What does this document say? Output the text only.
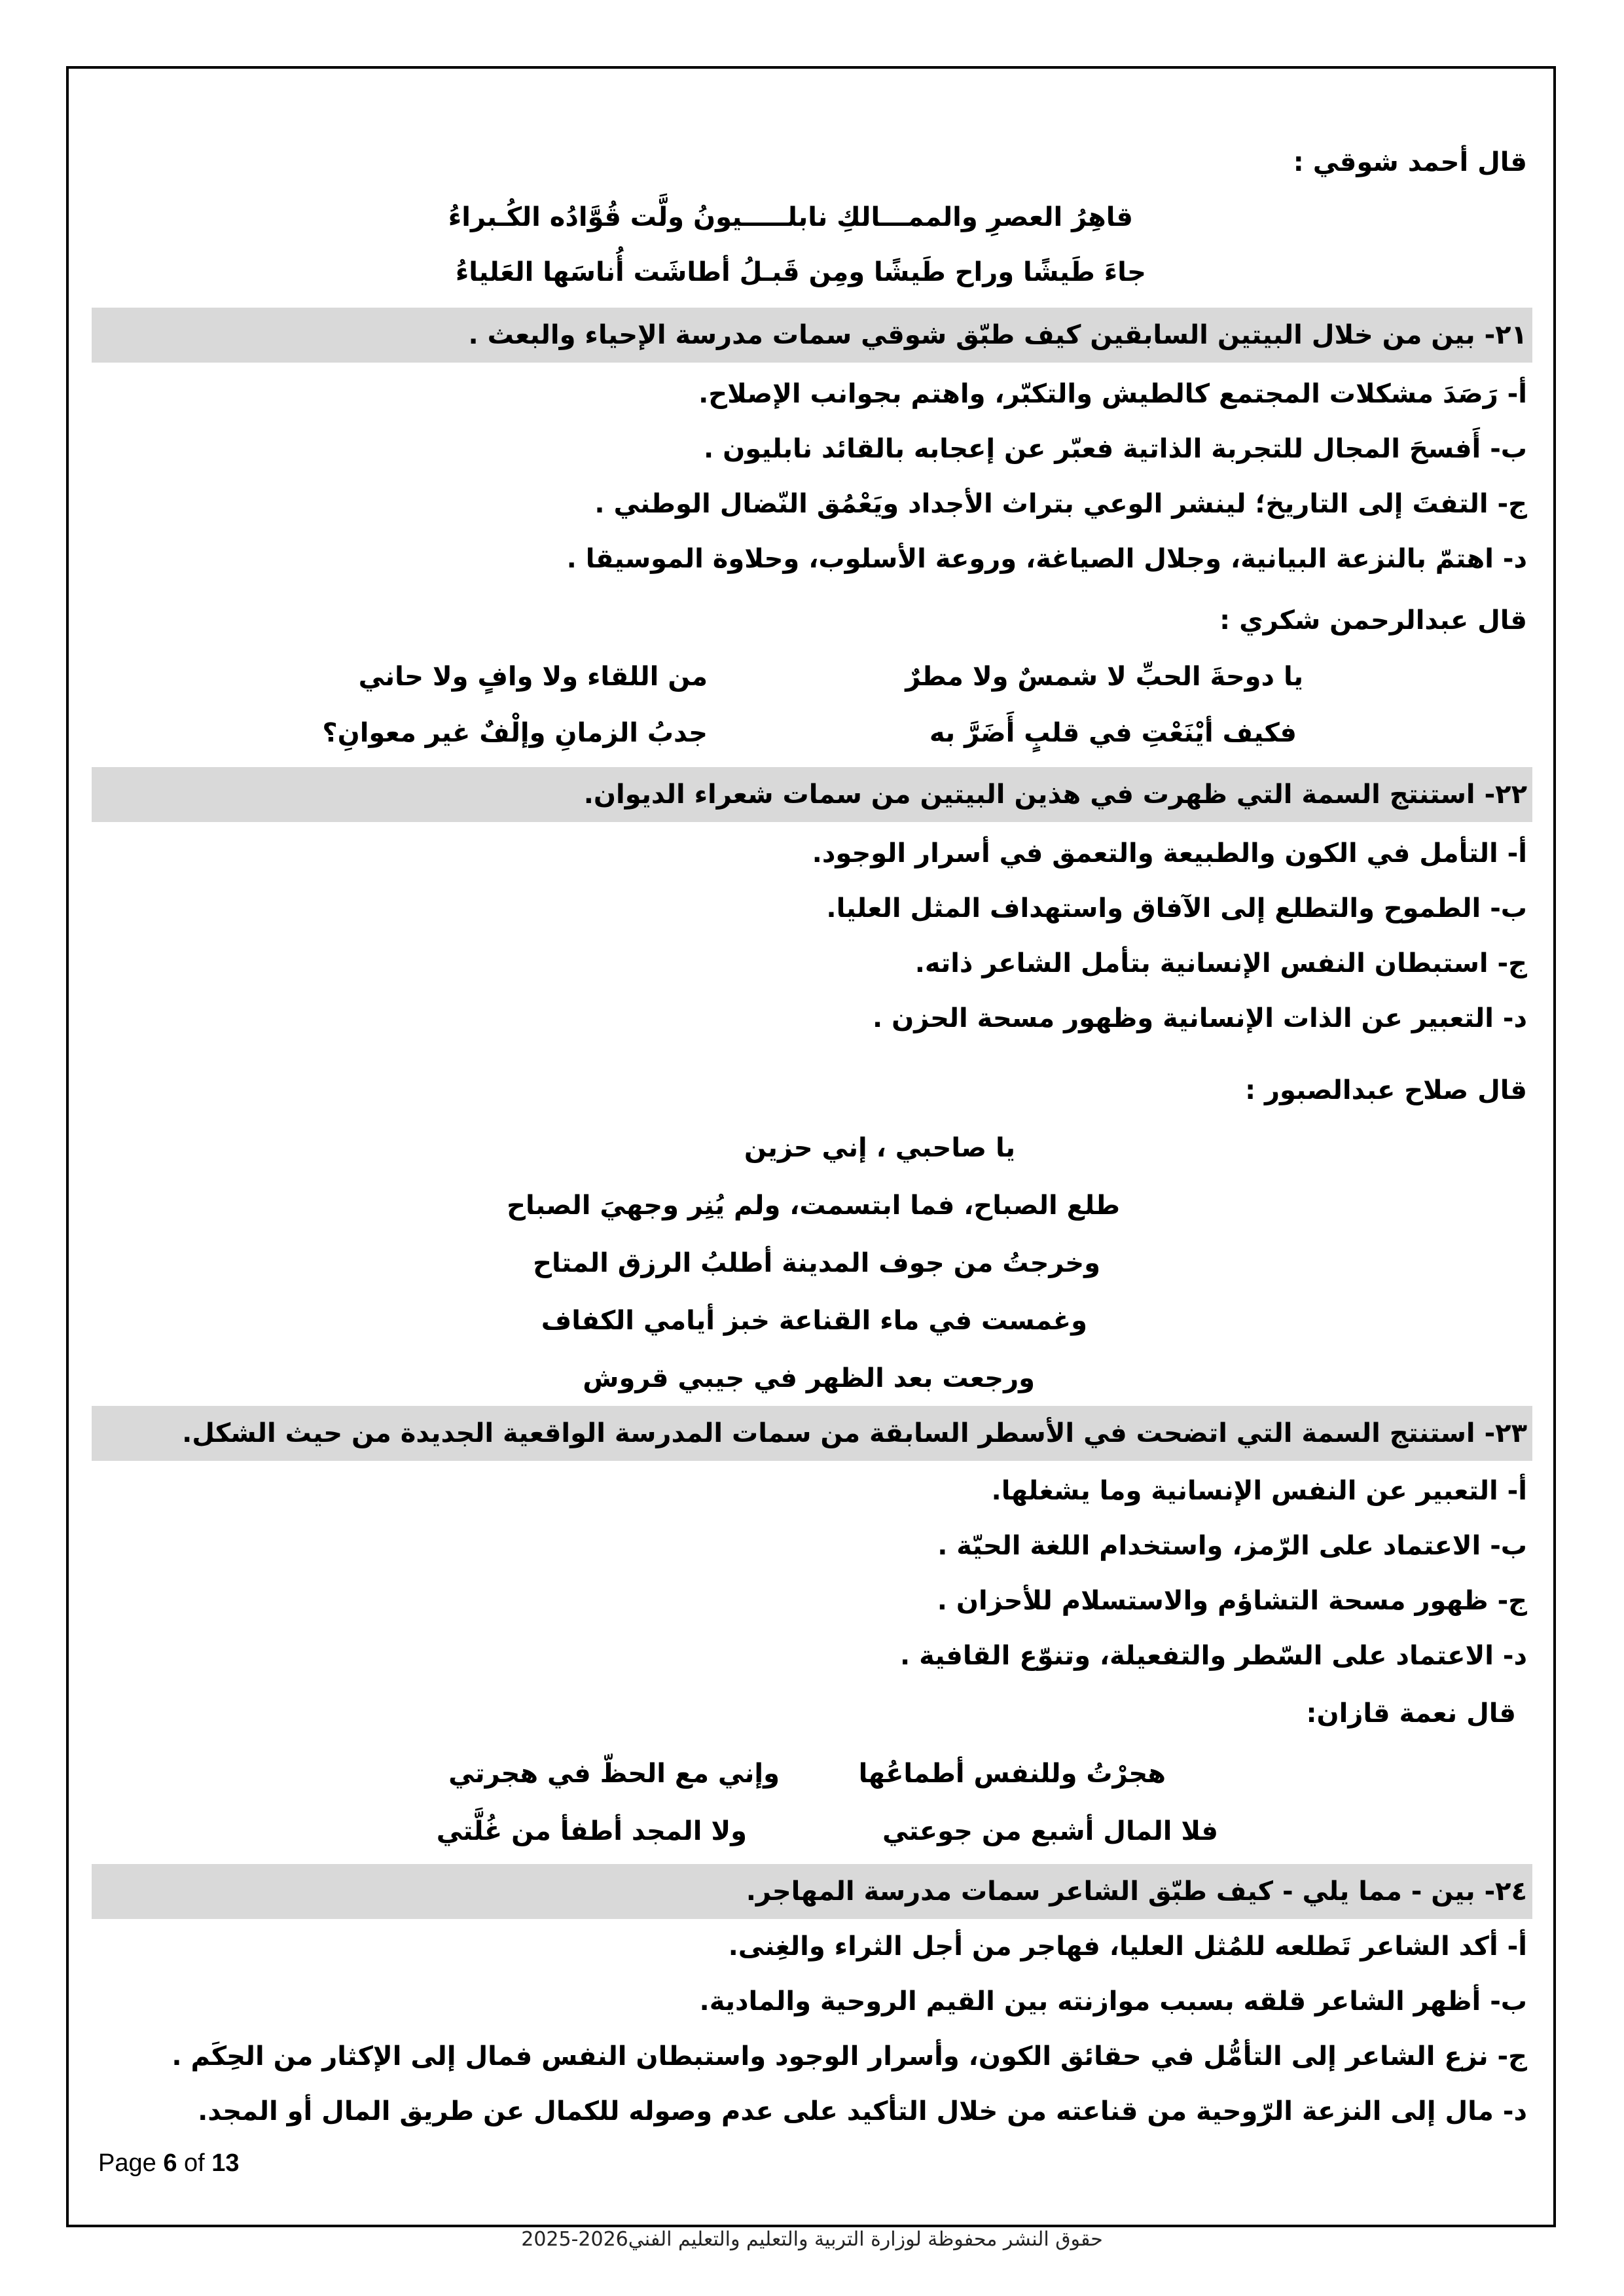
قال أحمد شوقي :
قاهِرُ العصرِ والممـــالكِ نابلـــــيونُ ولَّت قُوَّادُه الكُـبراءُ
جاءَ طَيشًا وراح طَيشًا ومِن قَبـلُ أطاشَت أُناسَها العَلياءُ
٢١- بين من خلال البيتين السابقين كيف طبّق شوقي سمات مدرسة الإحياء والبعث .
أ- رَصَدَ مشكلات المجتمع كالطيش والتكبّر، واهتم بجوانب الإصلاح.
ب- أَفسحَ المجال للتجربة الذاتية فعبّر عن إعجابه بالقائد نابليون .
ج- التفتَ إلى التاريخ؛ لينشر الوعي بتراث الأجداد ويَعْمُق النّضال الوطني .
د- اهتمّ بالنزعة البيانية، وجلال الصياغة، وروعة الأسلوب، وحلاوة الموسيقا .
قال عبدالرحمن شكري :
يا دوحةَ الحبِّ لا شمسٌ ولا مطرٌ
من اللقاء ولا وافٍ ولا حاني
فكيف أيْنَعْتِ في قلبٍ أَضَرَّ به
جدبُ الزمانِ وإلْفٌ غير معوانِ؟
٢٢- استنتج السمة التي ظهرت في هذين البيتين من سمات شعراء الديوان.
أ- التأمل في الكون والطبيعة والتعمق في أسرار الوجود.
ب- الطموح والتطلع إلى الآفاق واستهداف المثل العليا.
ج- استبطان النفس الإنسانية بتأمل الشاعر ذاته.
د- التعبير عن الذات الإنسانية وظهور مسحة الحزن .
قال صلاح عبدالصبور :
يا صاحبي ، إني حزين
طلع الصباح، فما ابتسمت، ولم يُنِر وجهيَ الصباح
وخرجتُ من جوف المدينة أطلبُ الرزق المتاح
وغمست في ماء القناعة خبز أيامي الكفاف
ورجعت بعد الظهر في جيبي قروش
٢٣- استنتج السمة التي اتضحت في الأسطر السابقة من سمات المدرسة الواقعية الجديدة من حيث الشكل.
أ- التعبير عن النفس الإنسانية وما يشغلها.
ب- الاعتماد على الرّمز، واستخدام اللغة الحيّة .
ج- ظهور مسحة التشاؤم والاستسلام للأحزان .
د- الاعتماد على السّطر والتفعيلة، وتنوّع القافية .
قال نعمة قازان:
هجرْتُ وللنفس أطماعُها
وإني مع الحظّ في هجرتي
فلا المال أشبع من جوعتي
ولا المجد أطفأ من غُلَّتي
٢٤- بين - مما يلي - كيف طبّق الشاعر سمات مدرسة المهاجر.
أ- أكد الشاعر تَطلعه للمُثل العليا، فهاجر من أجل الثراء والغِنى.
ب- أظهر الشاعر قلقه بسبب موازنته بين القيم الروحية والمادية.
ج- نزع الشاعر إلى التأمُّل في حقائق الكون، وأسرار الوجود واستبطان النفس فمال إلى الإكثار من الحِكَم .
د- مال إلى النزعة الرّوحية من قناعته من خلال التأكيد على عدم وصوله للكمال عن طريق المال أو المجد.
Page 6 of 13
حقوق النشر محفوظة لوزارة التربية والتعليم والتعليم الفني2026-2025
